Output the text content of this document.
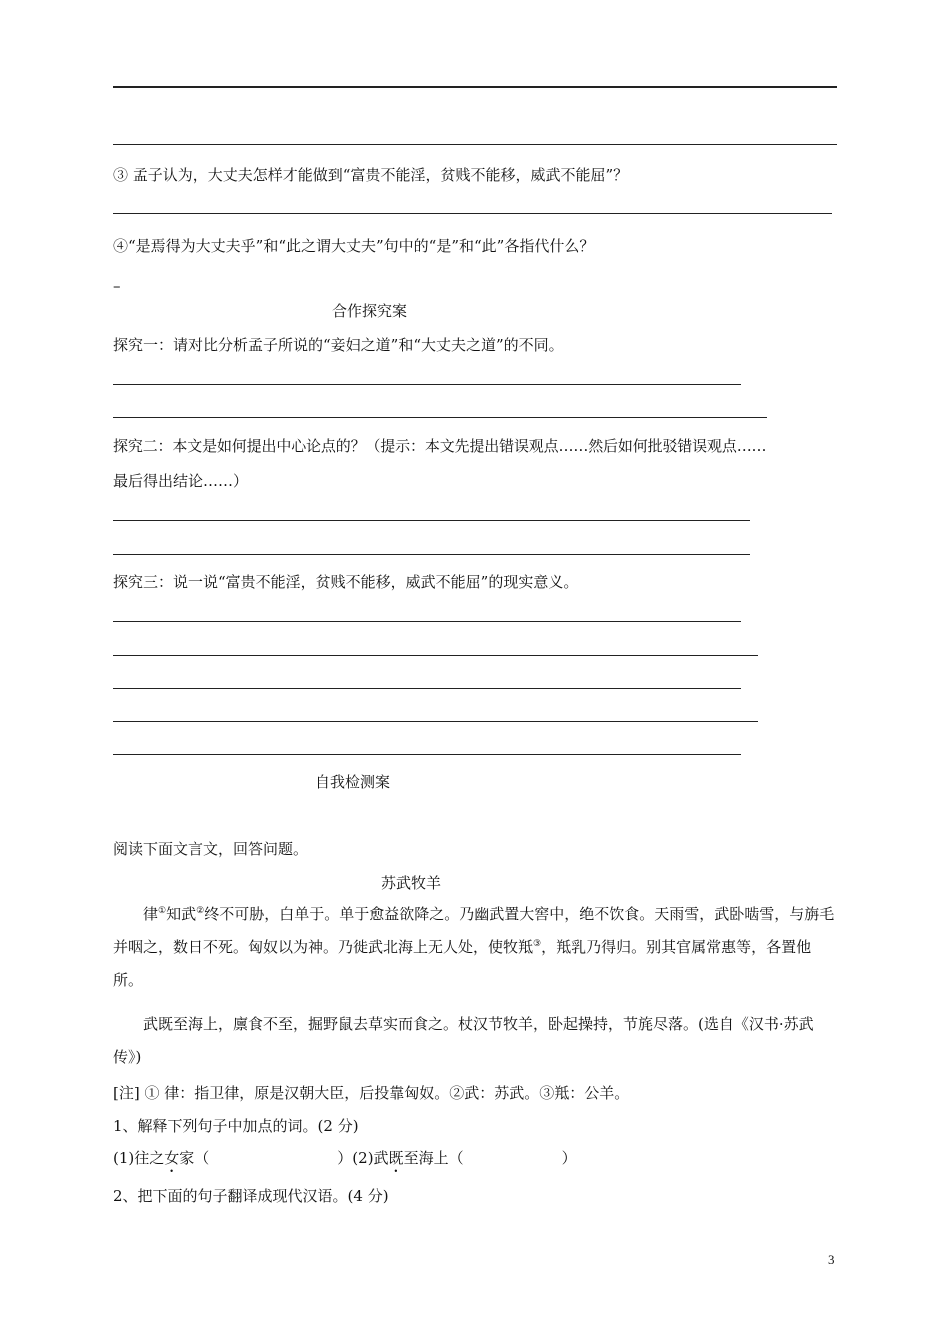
③ 孟子认为，大丈夫怎样才能做到“富贵不能淫，贫贱不能移，威武不能屈”？
④“是焉得为大丈夫乎”和“此之谓大丈夫”句中的“是”和“此”各指代什么？
–
合作探究案
探究一：请对比分析孟子所说的“妾妇之道”和“大丈夫之道”的不同。
探究二：本文是如何提出中心论点的？（提示：本文先提出错误观点……然后如何批驳错误观点……
最后得出结论……）
探究三：说一说“富贵不能淫，贫贱不能移，威武不能屈”的现实意义。
自我检测案
阅读下面文言文，回答问题。
苏武牧羊
律①知武②终不可胁，白单于。单于愈益欲降之。乃幽武置大窖中，绝不饮食。天雨雪，武卧啮雪，与旃毛并咽之，数日不死。匈奴以为神。乃徙武北海上无人处，使牧羝③，羝乳乃得归。别其官属常惠等，各置他所。
武既至海上，廪食不至，掘野鼠去草实而食之。杖汉节牧羊，卧起操持，节旄尽落。(选自《汉书·苏武传》)
[注] ① 律：指卫律，原是汉朝大臣，后投靠匈奴。②武：苏武。③羝：公羊。
1、解释下列句子中加点的词。(2 分)
(1)往之女家（	）(2)武既至海上（	）
2、把下面的句子翻译成现代汉语。(4 分)
3
